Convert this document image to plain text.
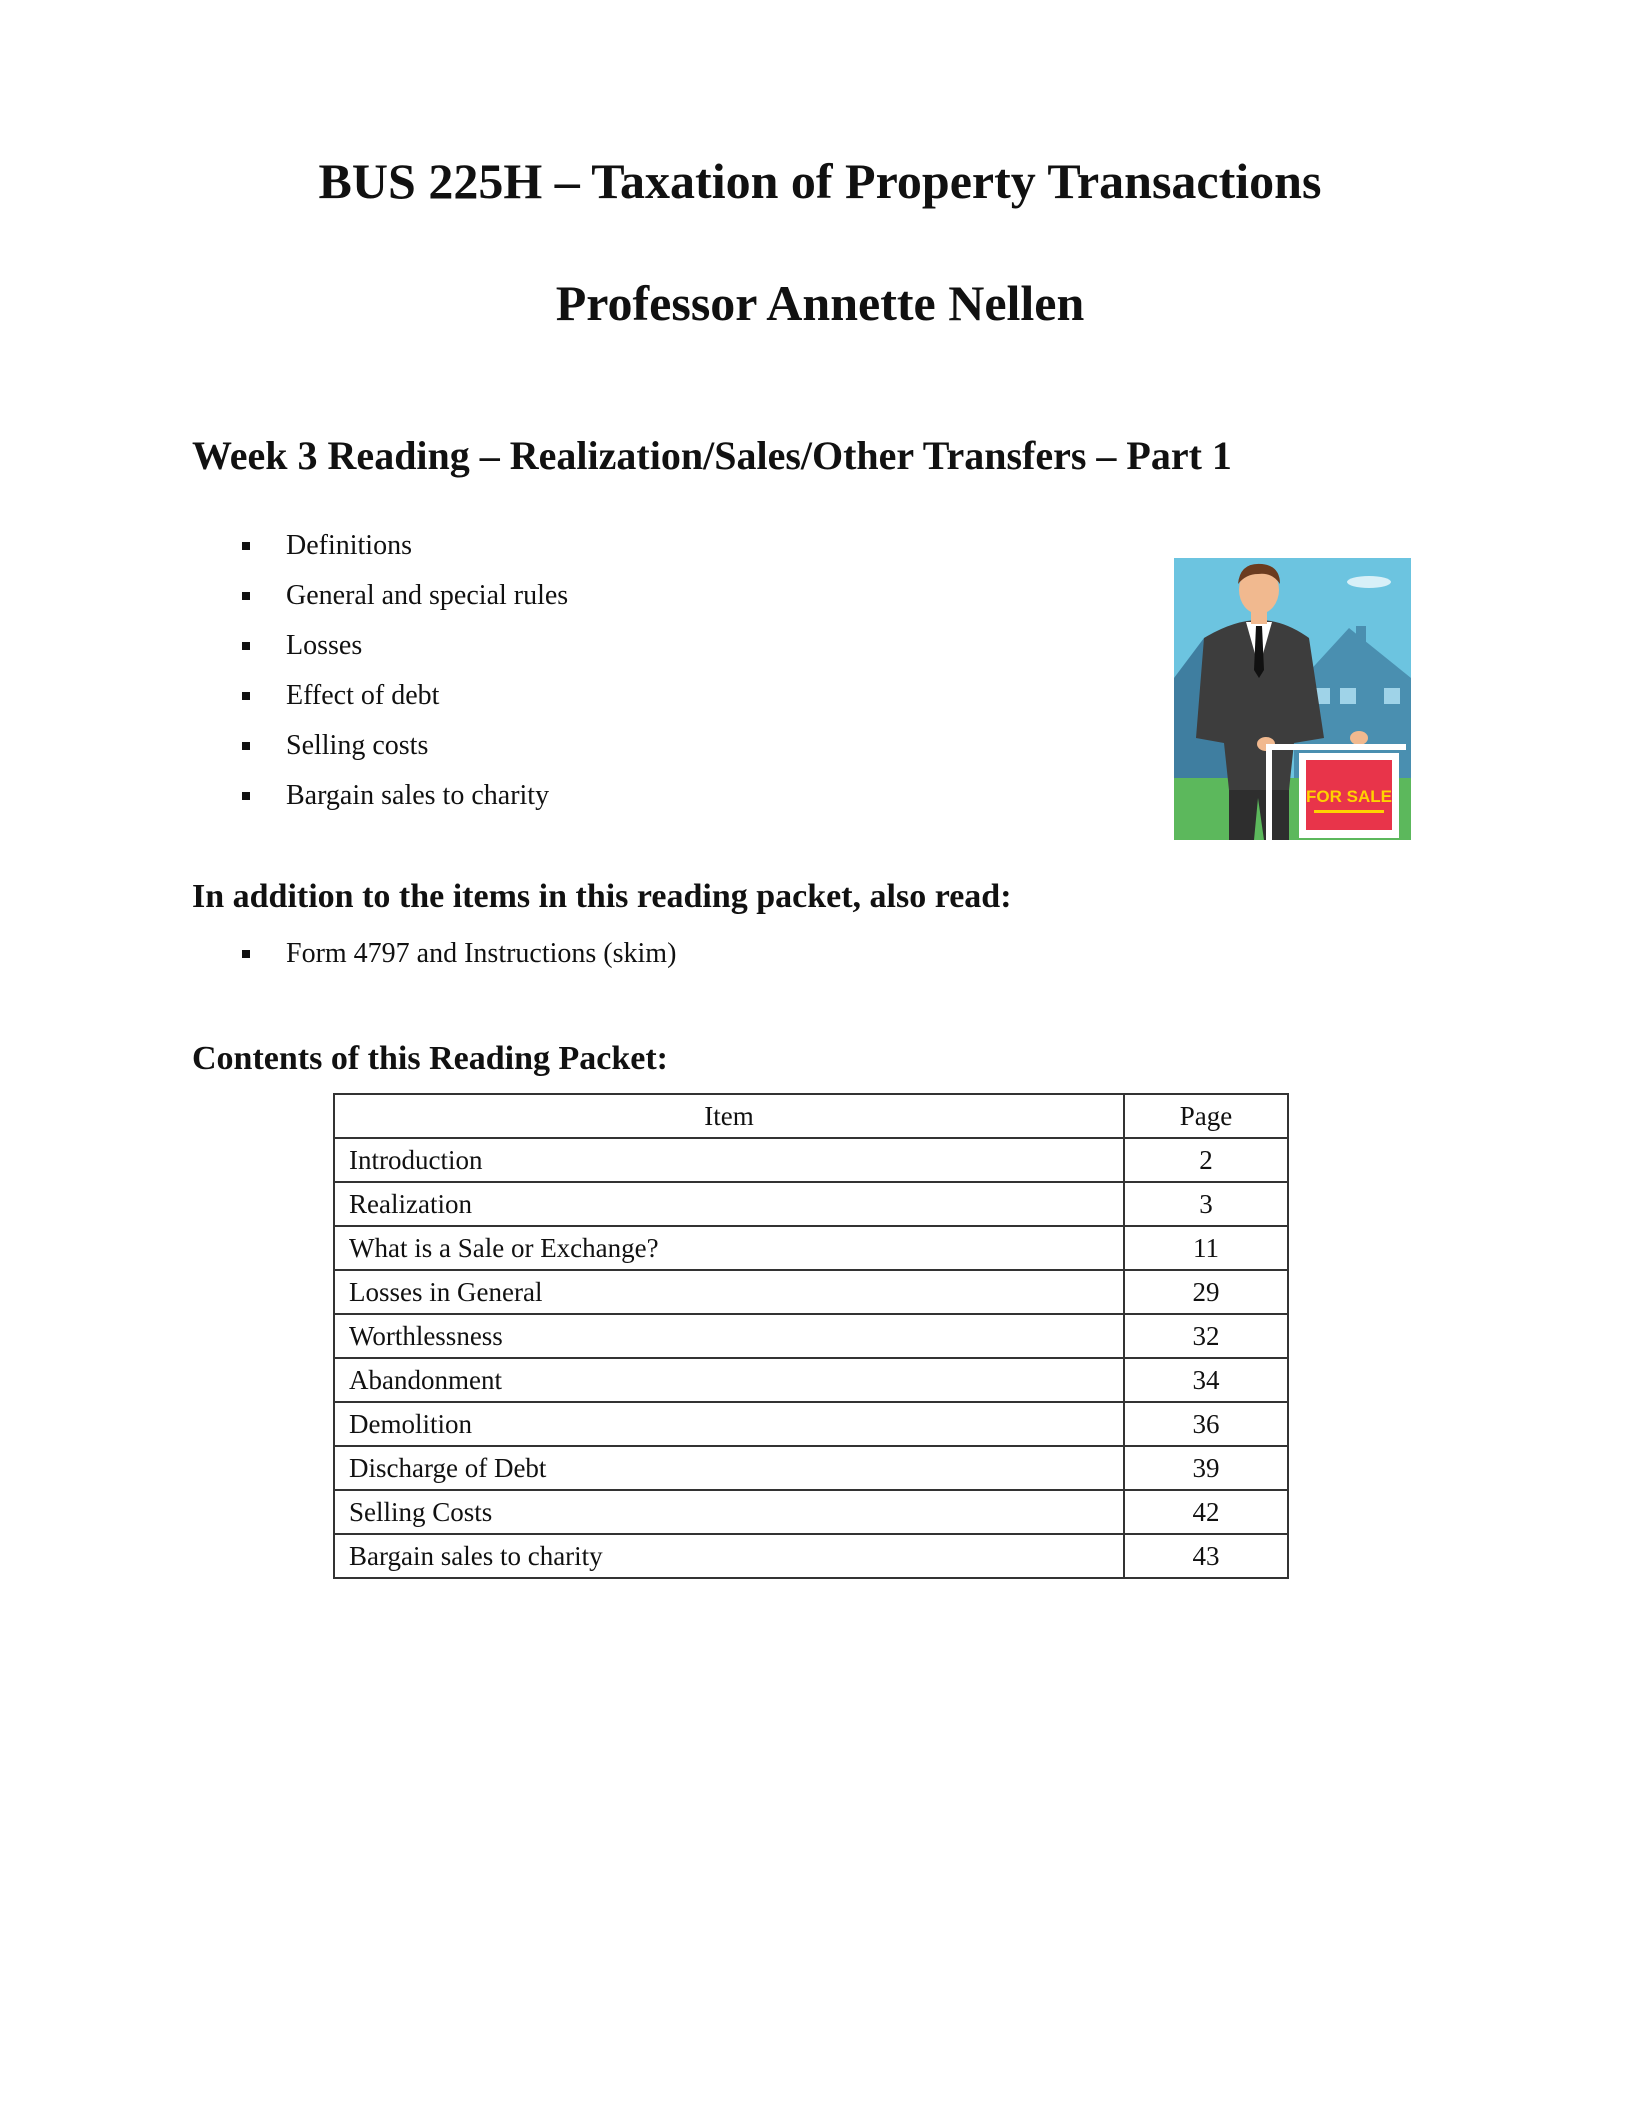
BUS 225H – Taxation of Property Transactions
Professor Annette Nellen
Week 3 Reading – Realization/Sales/Other Transfers – Part 1
Definitions
General and special rules
Losses
Effect of debt
Selling costs
Bargain sales to charity	FOR SALE
In addition to the items in this reading packet, also read:
Form 4797 and Instructions (skim)
Contents of this Reading Packet:
Item	Page
Introduction	2
Realization	3
What is a Sale or Exchange?	11
Losses in General	29
Worthlessness	32
Abandonment	34
Demolition	36
Discharge of Debt	39
Selling Costs	42
Bargain sales to charity	43
